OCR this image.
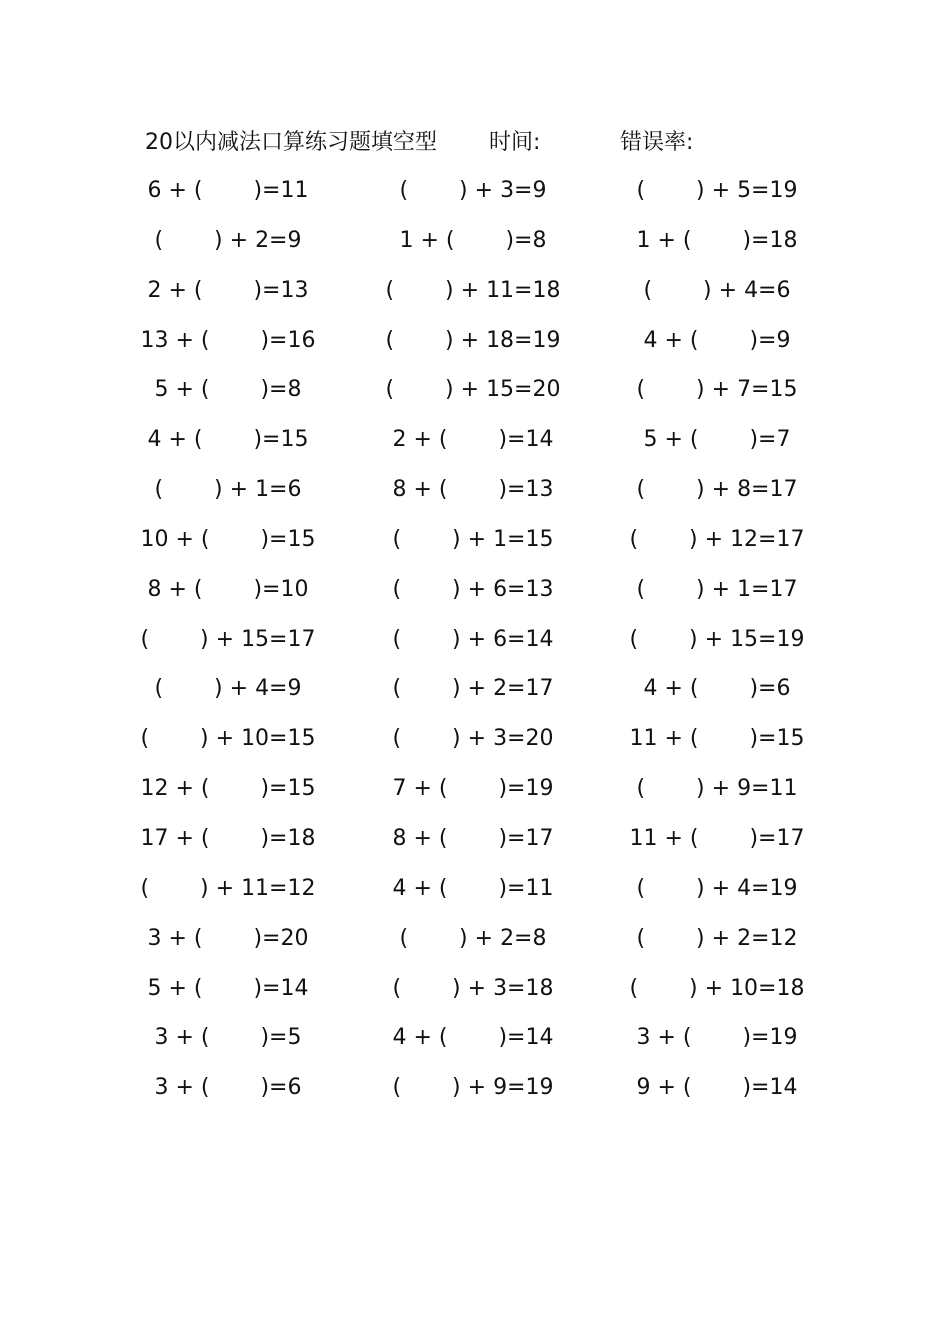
20以内减法口算练习题填空型 时间:	错误率:
6 + (　　 )=11
(　　 ) + 2=9
2 + (　　 )=13
13 + (　　 )=16
5 + (　　 )=8
4 + (　　 )=15
(　　 ) + 1=6
10 + (　　 )=15
8 + (　　 )=10
(　　 ) + 15=17
(　　 ) + 4=9
(　　 ) + 10=15
12 + (　　 )=15
17 + (　　 )=18
(　　 ) + 11=12
3 + (　　 )=20
5 + (　　 )=14
3 + (　　 )=5
3 + (　　 )=6
(　　 ) + 3=9
1 + (　　 )=8
(　　 ) + 11=18
(　　 ) + 18=19
(　　 ) + 15=20
2 + (　　 )=14
8 + (　　 )=13
(　　 ) + 1=15
(　　 ) + 6=13
(　　 ) + 6=14
(　　 ) + 2=17
(　　 ) + 3=20
7 + (　　 )=19
8 + (　　 )=17
4 + (　　 )=11
(　　 ) + 2=8
(　　 ) + 3=18
4 + (　　 )=14
(　　 ) + 9=19
(　　 ) + 5=19
1 + (　　 )=18
(　　 ) + 4=6
4 + (　　 )=9
(　　 ) + 7=15
5 + (　　 )=7
(　　 ) + 8=17
(　　 ) + 12=17
(　　 ) + 1=17
(　　 ) + 15=19
4 + (　　 )=6
11 + (　　 )=15
(　　 ) + 9=11
11 + (　　 )=17
(　　 ) + 4=19
(　　 ) + 2=12
(　　 ) + 10=18
3 + (　　 )=19
9 + (　　 )=14
